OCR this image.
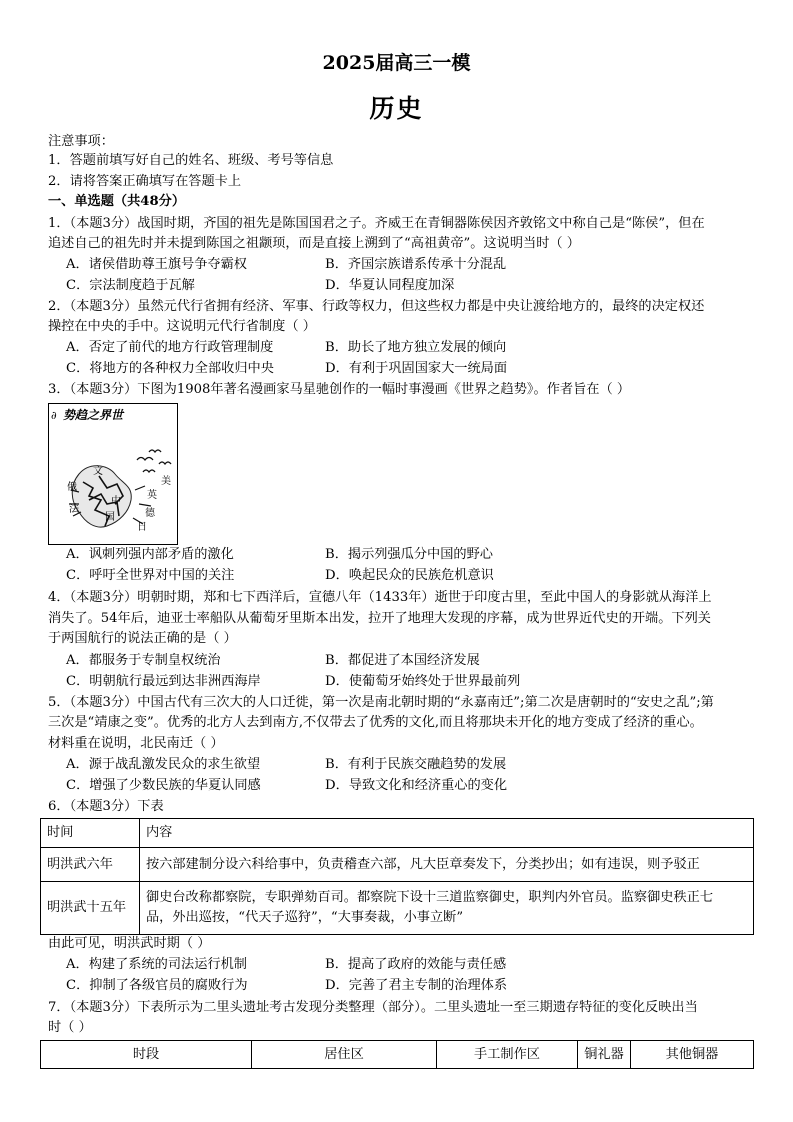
2025届高三一模
历史
注意事项：
1．答题前填写好自己的姓名、班级、考号等信息
2．请将答案正确填写在答题卡上
一、单选题（共48分）
1．（本题3分）战国时期，齐国的祖先是陈国国君之子。齐威王在青铜器陈侯因齐敦铭文中称自己是“陈侯”，但在
追述自己的祖先时并未提到陈国之祖颛顼，而是直接上溯到了“高祖黄帝”。这说明当时（ ）
A．诸侯借助尊王旗号争夺霸权	B．齐国宗族谱系传承十分混乱
C．宗法制度趋于瓦解	D．华夏认同程度加深
2．（本题3分）虽然元代行省拥有经济、军事、行政等权力，但这些权力都是中央让渡给地方的，最终的决定权还
操控在中央的手中。这说明元代行省制度（ ）
A．否定了前代的地方行政管理制度	B．助长了地方独立发展的倾向
C．将地方的各种权力全部收归中央	D．有利于巩固国家大一统局面
3．（本题3分）下图为1908年著名漫画家马星驰创作的一幅时事漫画《世界之趋势》。作者旨在（ ）
势趋之界世
∂
文
俄
美
法
英
国
中
德
日
A．讽刺列强内部矛盾的激化	B．揭示列强瓜分中国的野心
C．呼吁全世界对中国的关注	D．唤起民众的民族危机意识
4．（本题3分）明朝时期，郑和七下西洋后，宣德八年（1433年）逝世于印度古里，至此中国人的身影就从海洋上
消失了。54年后，迪亚士率船队从葡萄牙里斯本出发，拉开了地理大发现的序幕，成为世界近代史的开端。下列关
于两国航行的说法正确的是（ ）
A．都服务于专制皇权统治	B．都促进了本国经济发展
C．明朝航行最远到达非洲西海岸	D．使葡萄牙始终处于世界最前列
5．（本题3分）中国古代有三次大的人口迁徙，第一次是南北朝时期的“永嘉南迁”;第二次是唐朝时的“安史之乱”;第
三次是“靖康之变”。优秀的北方人去到南方,不仅带去了优秀的文化,而且将那块未开化的地方变成了经济的重心。
材料重在说明，北民南迁（ ）
A．源于战乱激发民众的求生欲望	B．有利于民族交融趋势的发展
C．增强了少数民族的华夏认同感	D．导致文化和经济重心的变化
6．（本题3分）下表
时间	内容
明洪武六年	按六部建制分设六科给事中，负责稽查六部，凡大臣章奏发下，分类抄出；如有违误，则予驳正
明洪武十五年	御史台改称都察院，专职弹劾百司。都察院下设十三道监察御史，职判内外官员。监察御史秩正七
品，外出巡按，“代天子巡狩”，“大事奏裁，小事立断”
由此可见，明洪武时期（ ）
A．构建了系统的司法运行机制	B．提高了政府的效能与责任感
C．抑制了各级官员的腐败行为	D．完善了君主专制的治理体系
7．（本题3分）下表所示为二里头遗址考古发现分类整理（部分）。二里头遗址一至三期遗存特征的变化反映出当
时（ ）
时段	居住区	手工制作区	铜礼器	其他铜器
